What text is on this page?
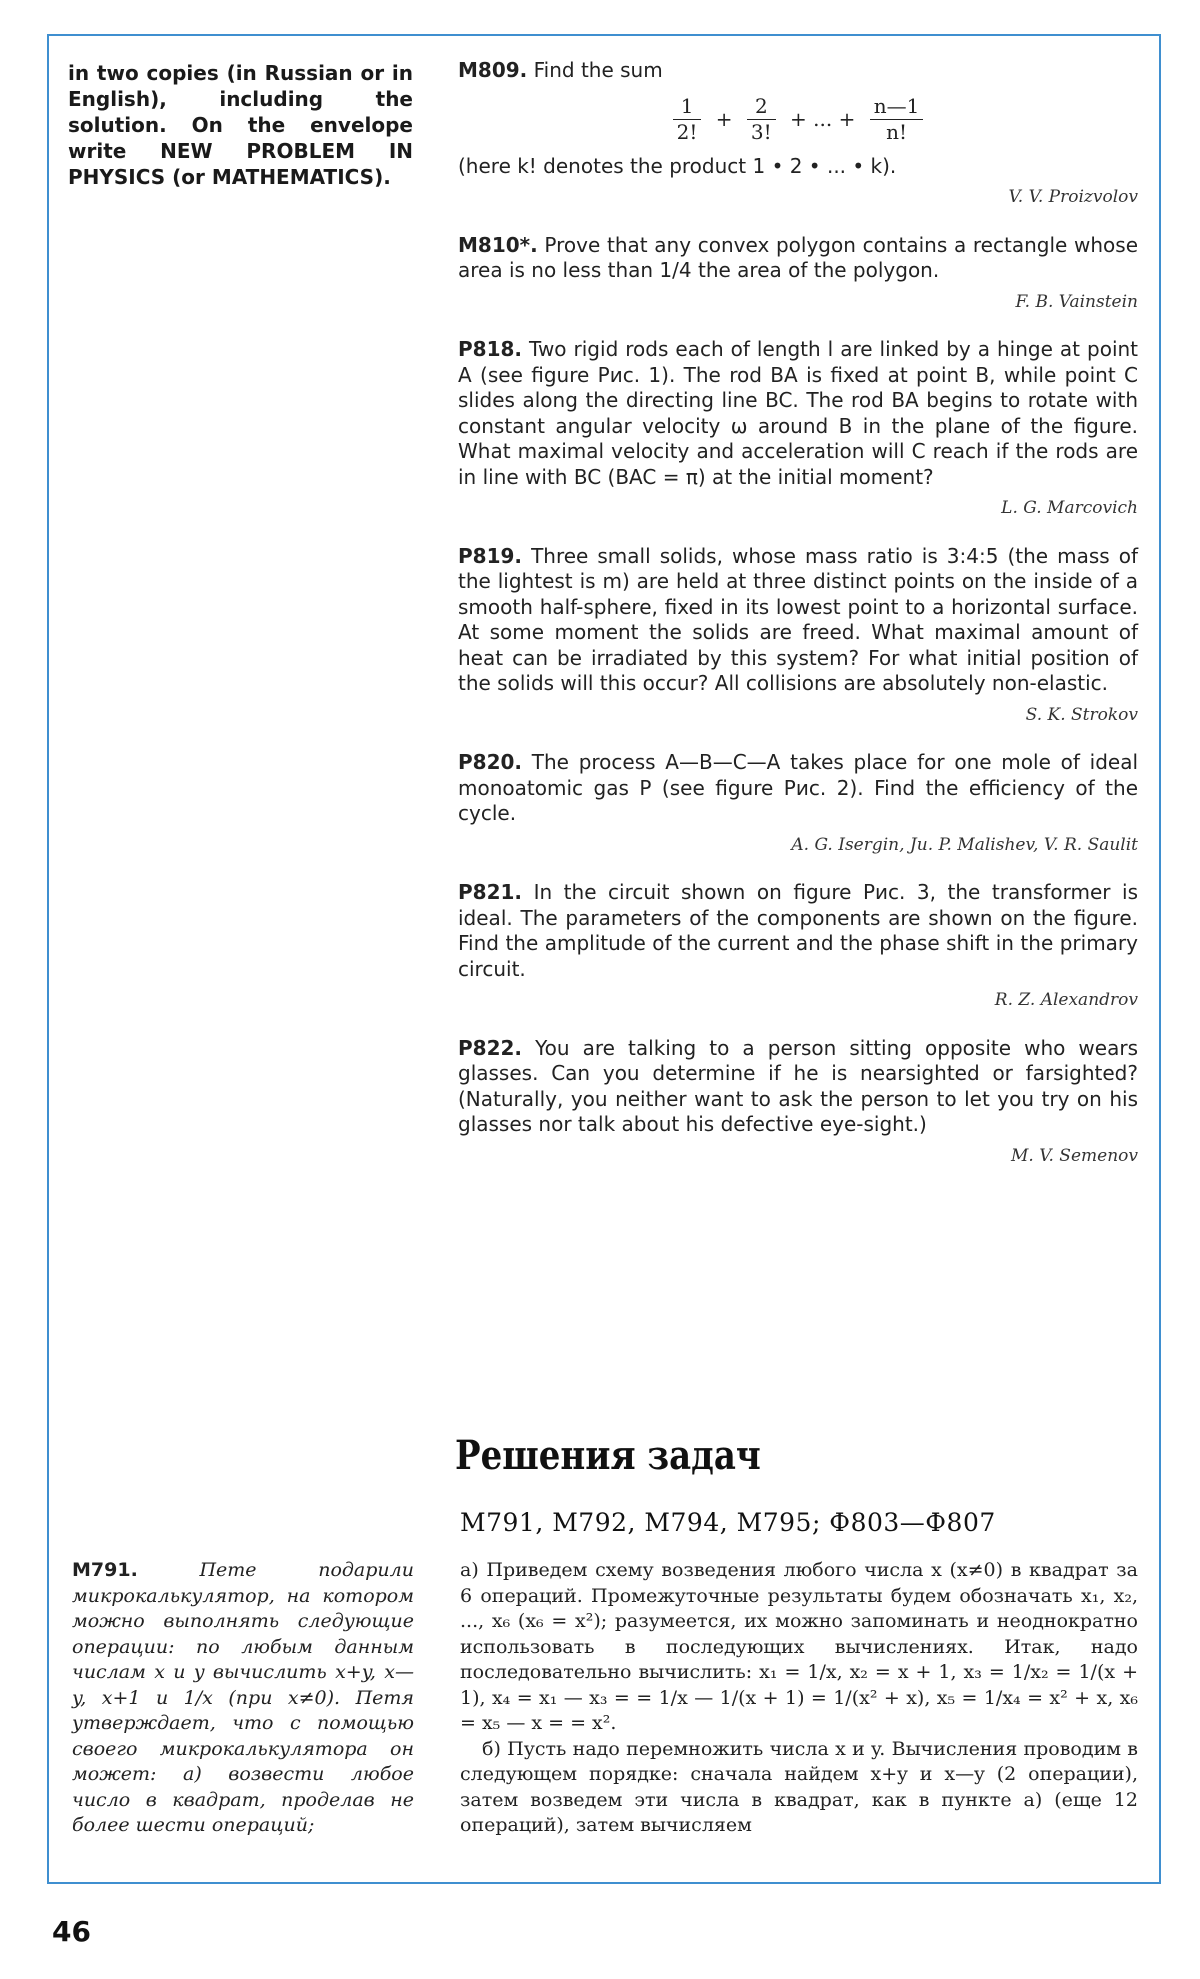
in two copies (in Russian or in English), including the solution. On the envelope write NEW PROBLEM IN PHYSICS (or MATHEMATICS).
M809. Find the sum
$\frac{1}{2!} + \frac{2}{3!}$ + ... + $\frac{n—1}{n!}$
(here k! denotes the product 1 • 2 • ... • k).
V. V. Proizvolov
M810*. Prove that any convex polygon contains a rectangle whose area is no less than 1/4 the area of the polygon.
F. B. Vainstein
P818. Two rigid rods each of length l are linked by a hinge at point A (see figure Рис. 1). The rod BA is fixed at point B, while point C slides along the directing line BC. The rod BA begins to rotate with constant angular velocity ω around B in the plane of the figure. What maximal velocity and acceleration will C reach if the rods are in line with BC (BAC = π) at the initial moment?
L. G. Marcovich
P819. Three small solids, whose mass ratio is 3:4:5 (the mass of the lightest is m) are held at three distinct points on the inside of a smooth half-sphere, fixed in its lowest point to a horizontal surface. At some moment the solids are freed. What maximal amount of heat can be irradiated by this system? For what initial position of the solids will this occur? All collisions are absolutely non-elastic.
S. K. Strokov
P820. The process A—B—C—A takes place for one mole of ideal monoatomic gas P (see figure Рис. 2). Find the efficiency of the cycle.
A. G. Isergin, Ju. P. Malishev, V. R. Saulit
P821. In the circuit shown on figure Рис. 3, the transformer is ideal. The parameters of the components are shown on the figure. Find the amplitude of the current and the phase shift in the primary circuit.
R. Z. Alexandrov
P822. You are talking to a person sitting opposite who wears glasses. Can you determine if he is nearsighted or farsighted? (Naturally, you neither want to ask the person to let you try on his glasses nor talk about his defective eye-sight.)
M. V. Semenov
Решения задач
М791, М792, М794, М795; Ф803—Ф807
М791.	Пете подарили микрокалькулятор, на котором можно выполнять следующие операции: по любым данным числам x и y вычислить x+y, x—y, x+1 и 1/x (при x≠0). Петя утверждает, что с помощью своего микрокалькулятора он может: а) возвести любое число в квадрат, проделав не более шести операций;

а) Приведем схему возведения любого числа x (x≠0) в квадрат за 6 операций. Промежуточные результаты будем обозначать x₁, x₂, ..., x₆ (x₆ = x²); разумеется, их можно запоминать и неоднократно использовать в последующих вычислениях. Итак, надо последовательно вычислить: x₁ = 1/x, x₂ = x + 1, x₃ = 1/x₂ = 1/(x + 1), x₄ = x₁ — x₃ = = 1/x — 1/(x + 1) = 1/(x² + x), x₅ = 1/x₄ = x² + x, x₆ = x₅ — x = = x².

б) Пусть надо перемножить числа x и y. Вычисления проводим в следующем порядке: сначала найдем x+y и x—y (2 операции), затем возведем эти числа в квадрат, как в пункте а) (еще 12 операций), затем вычисляем

46
